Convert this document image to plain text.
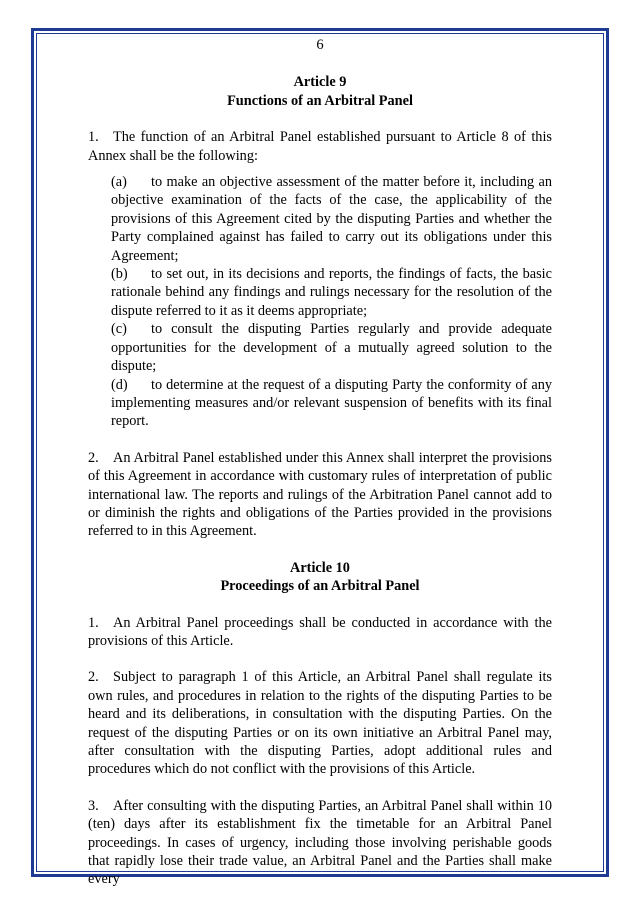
6
Article 9
Functions of an Arbitral Panel

1. The function of an Arbitral Panel established pursuant to Article 8 of this Annex shall be the following:

(a) to make an objective assessment of the matter before it, including an objective examination of the facts of the case, the applicability of the provisions of this Agreement cited by the disputing Parties and whether the Party complained against has failed to carry out its obligations under this Agreement;
(b) to set out, in its decisions and reports, the findings of facts, the basic rationale behind any findings and rulings necessary for the resolution of the dispute referred to it as it deems appropriate;
(c) to consult the disputing Parties regularly and provide adequate opportunities for the development of a mutually agreed solution to the dispute;
(d) to determine at the request of a disputing Party the conformity of any implementing measures and/or relevant suspension of benefits with its final report.

2. An Arbitral Panel established under this Annex shall interpret the provisions of this Agreement in accordance with customary rules of interpretation of public international law. The reports and rulings of the Arbitration Panel cannot add to or diminish the rights and obligations of the Parties provided in the provisions referred to in this Agreement.

Article 10
Proceedings of an Arbitral Panel

1. An Arbitral Panel proceedings shall be conducted in accordance with the provisions of this Article.

2. Subject to paragraph 1 of this Article, an Arbitral Panel shall regulate its own rules, and procedures in relation to the rights of the disputing Parties to be heard and its deliberations, in consultation with the disputing Parties. On the request of the disputing Parties or on its own initiative an Arbitral Panel may, after consultation with the disputing Parties, adopt additional rules and procedures which do not conflict with the provisions of this Article.

3. After consulting with the disputing Parties, an Arbitral Panel shall within 10 (ten) days after its establishment fix the timetable for an Arbitral Panel proceedings. In cases of urgency, including those involving perishable goods that rapidly lose their trade value, an Arbitral Panel and the Parties shall make every
